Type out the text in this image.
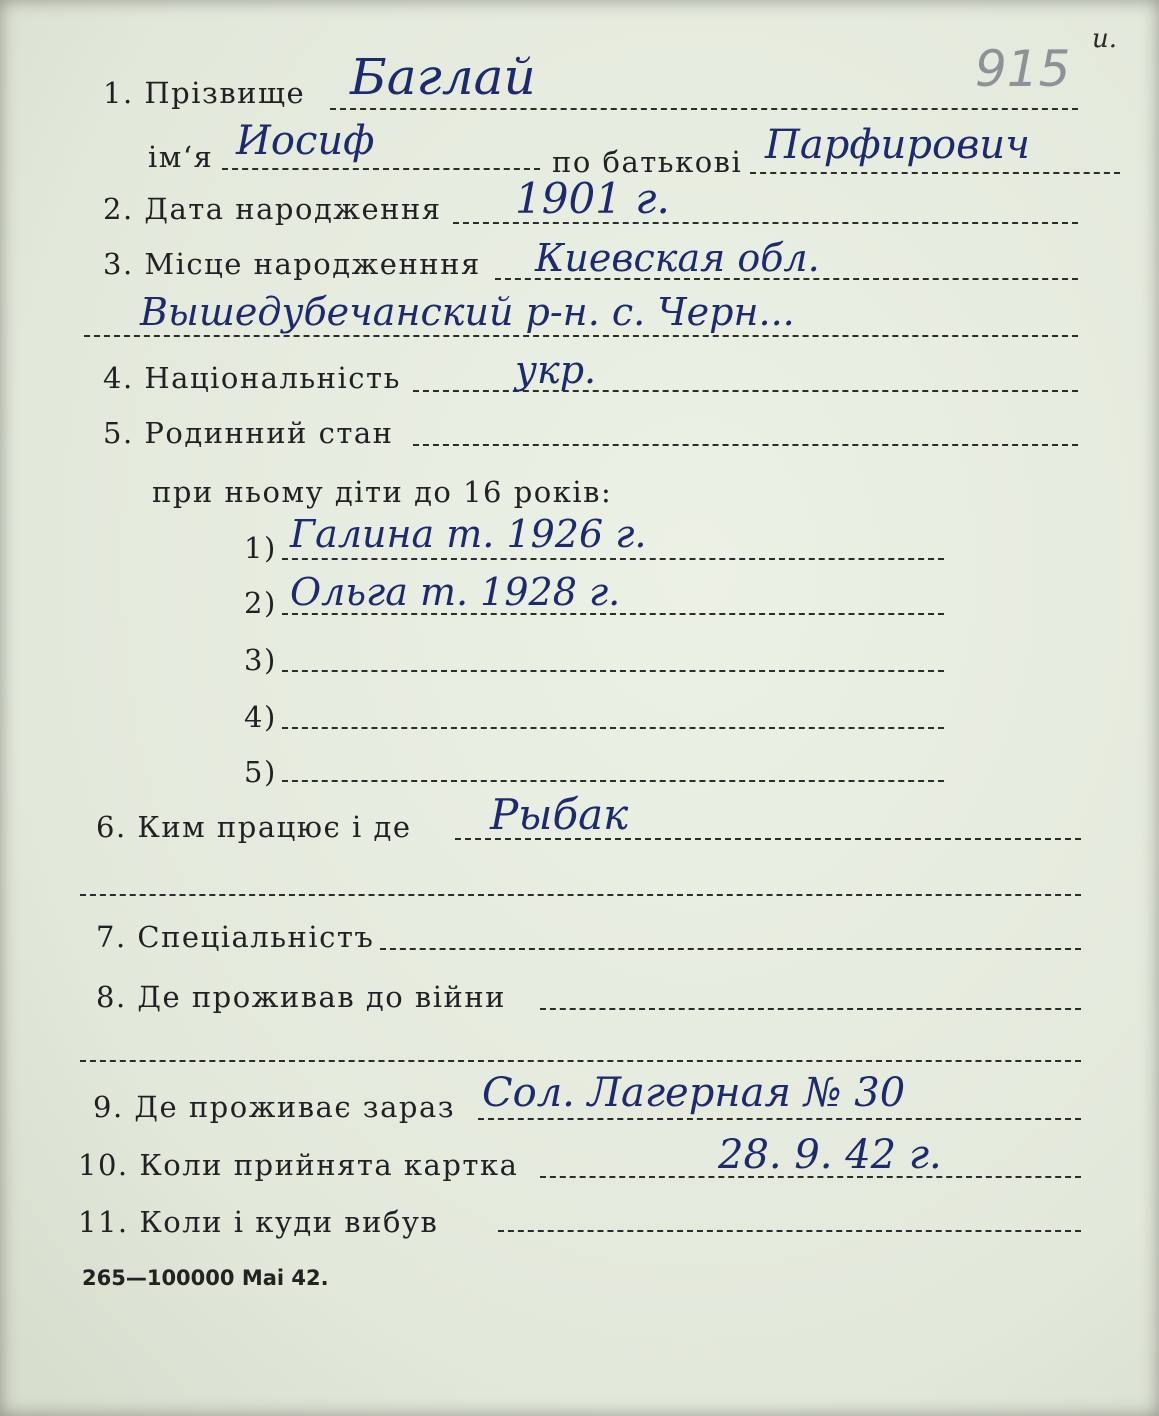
915
и.
1. Прізвище Баглай
ім‘я Иосиф	по батькові Парфирович
2. Дата народження 1901 г.
3. Місце народженння Киевская обл.
Вышедубечанский р-н. с. Черн...
4. Національність	укр.
5. Родинний стан
при ньому діти до 16 років:
1) Галина т. 1926 г.
2) Ольга т. 1928 г.
3)
4)
5)
6. Ким працює і де Рыбак
7. Спеціальністъ
8. Де проживав до війни
9. Де проживає зараз Сол. Лагерная № 30
10. Коли прийнята картка	28. 9. 42 г.
11. Коли і куди вибув
265—100000 Mai 42.
